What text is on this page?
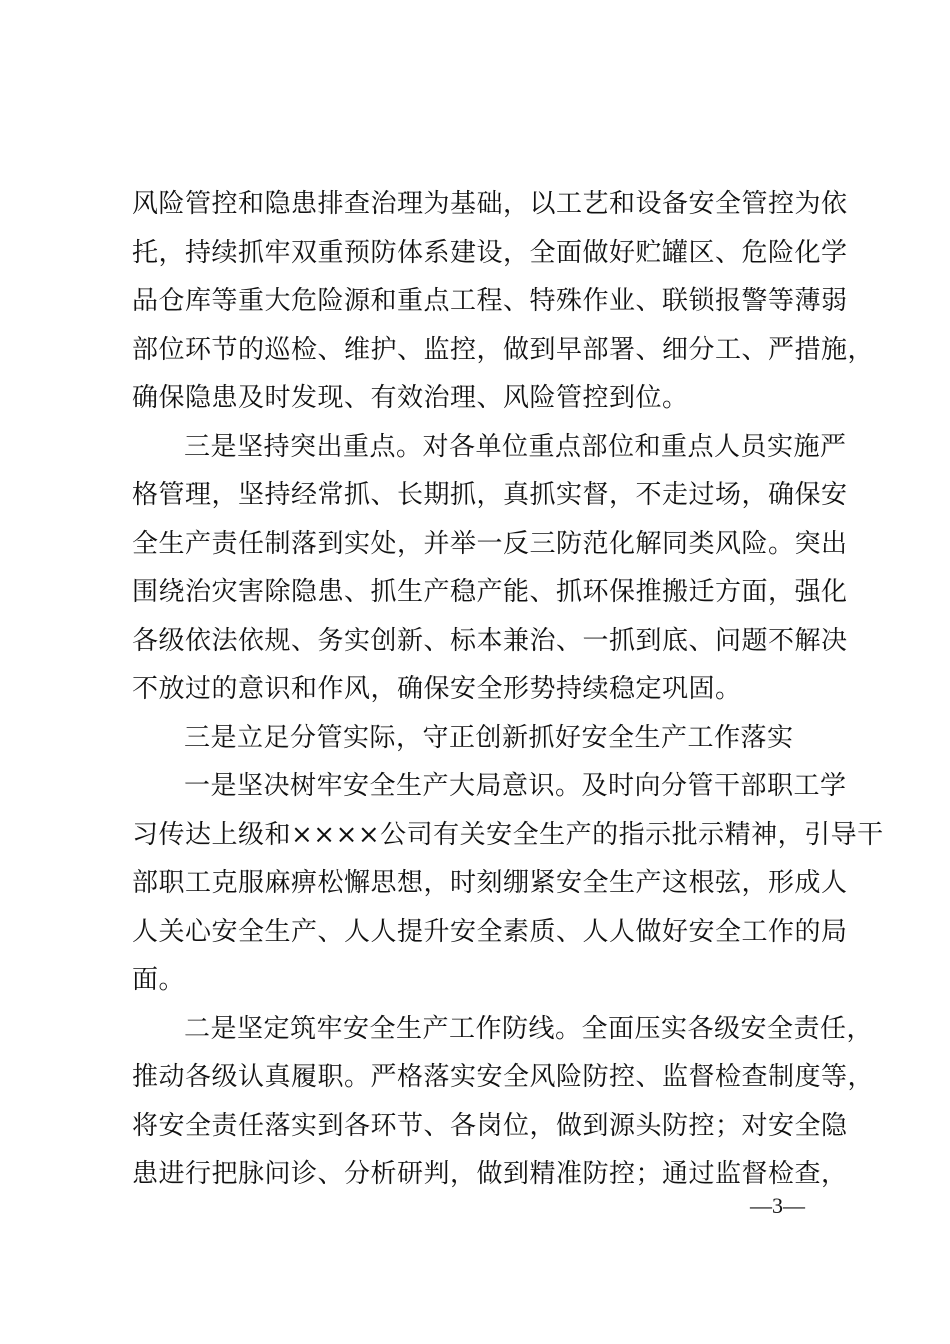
风险管控和隐患排查治理为基础，以工艺和设备安全管控为依
托，持续抓牢双重预防体系建设，全面做好贮罐区、危险化学
品仓库等重大危险源和重点工程、特殊作业、联锁报警等薄弱
部位环节的巡检、维护、监控，做到早部署、细分工、严措施，
确保隐患及时发现、有效治理、风险管控到位。
三是坚持突出重点。对各单位重点部位和重点人员实施严
格管理，坚持经常抓、长期抓，真抓实督，不走过场，确保安
全生产责任制落到实处，并举一反三防范化解同类风险。突出
围绕治灾害除隐患、抓生产稳产能、抓环保推搬迁方面，强化
各级依法依规、务实创新、标本兼治、一抓到底、问题不解决
不放过的意识和作风，确保安全形势持续稳定巩固。
三是立足分管实际，守正创新抓好安全生产工作落实
一是坚决树牢安全生产大局意识。及时向分管干部职工学
习传达上级和××××公司有关安全生产的指示批示精神，引导干
部职工克服麻痹松懈思想，时刻绷紧安全生产这根弦，形成人
人关心安全生产、人人提升安全素质、人人做好安全工作的局
面。
二是坚定筑牢安全生产工作防线。全面压实各级安全责任，
推动各级认真履职。严格落实安全风险防控、监督检查制度等，
将安全责任落实到各环节、各岗位，做到源头防控；对安全隐
患进行把脉问诊、分析研判，做到精准防控；通过监督检查，
—3—
